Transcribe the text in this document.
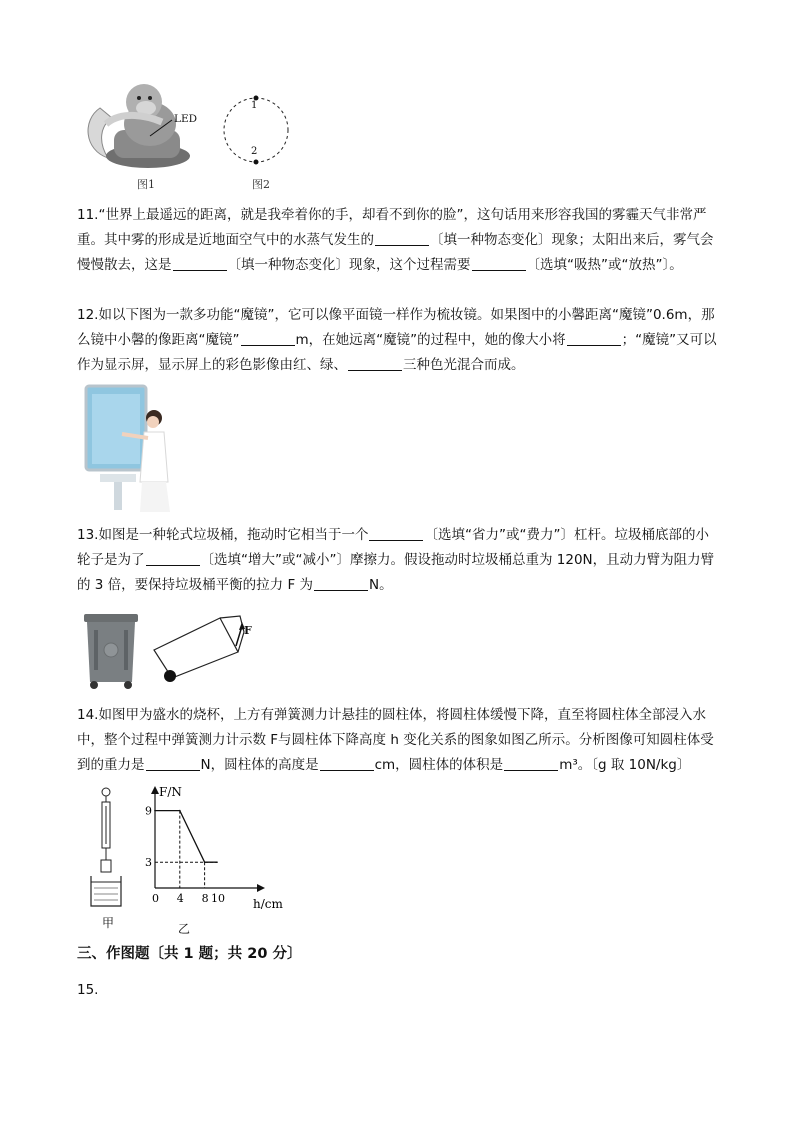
LED
图1
1
2
图2

11.“世界上最遥远的距离，就是我牵着你的手，却看不到你的脸”，这句话用来形容我国的雾霾天气非常严重。其中雾的形成是近地面空气中的水蒸气发生的	〔填一种物态变化〕现象；太阳出来后，雾气会慢慢散去，这是	〔填一种物态变化〕现象，这个过程需要	〔选填“吸热”或“放热”〕。

12.如以下图为一款多功能“魔镜”，它可以像平面镜一样作为梳妆镜。如果图中的小馨距离“魔镜”0.6m，那么镜中小馨的像距离“魔镜”	m，在她远离“魔镜”的过程中，她的像大小将	；“魔镜”又可以作为显示屏，显示屏上的彩色影像由红、绿、	三种色光混合而成。

13.如图是一种轮式垃圾桶，拖动时它相当于一个	〔选填“省力”或“费力”〕杠杆。垃圾桶底部的小轮子是为了	〔选填“增大”或“减小”〕摩擦力。假设拖动时垃圾桶总重为 120N，且动力臂为阻力臂的 3 倍，要保持垃圾桶平衡的拉力 F 为	N。

F

14.如图甲为盛水的烧杯，上方有弹簧测力计悬挂的圆柱体，将圆柱体缓慢下降，直至将圆柱体全部浸入水中，整个过程中弹簧测力计示数 F与圆柱体下降高度 h 变化关系的图象如图乙所示。分析图像可知圆柱体受到的重力是	N，圆柱体的高度是	cm，圆柱体的体积是	m³。〔g 取 10N/kg〕

甲
0 4 8 10
9
3
F/N
h/cm
乙

三、作图题〔共 1 题；共 20 分〕

15.
